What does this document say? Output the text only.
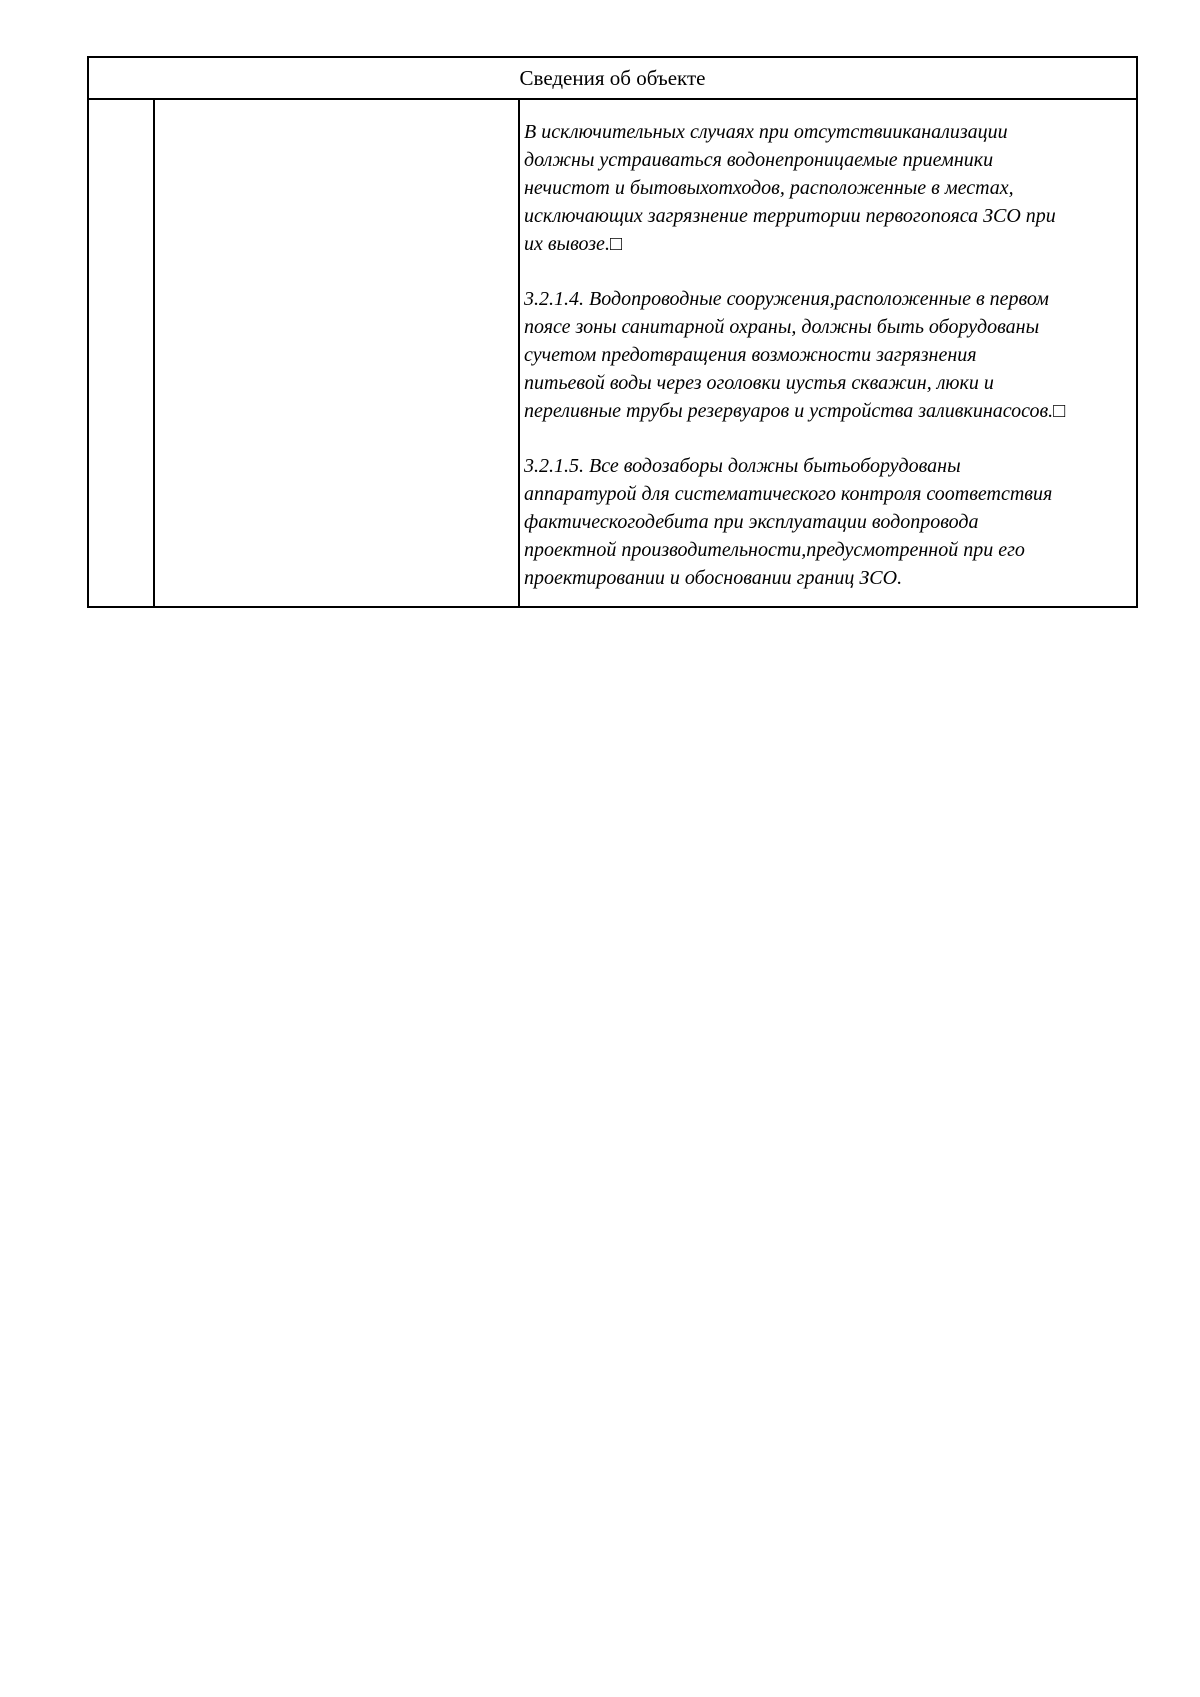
Сведения об объекте

В исключительных случаях при отсутствииканализации
должны устраиваться водонепроницаемые приемники
нечистот и бытовыхотходов, расположенные в местах,
исключающих загрязнение территории первогопояса ЗСО при
их вывозе.□

3.2.1.4. Водопроводные сооружения,расположенные в первом
поясе зоны санитарной охраны, должны быть оборудованы
сучетом предотвращения возможности загрязнения
питьевой воды через оголовки иустья скважин, люки и
переливные трубы резервуаров и устройства заливкинасосов.□

3.2.1.5. Все водозаборы должны бытьоборудованы
аппаратурой для систематического контроля соответствия
фактическогодебита при эксплуатации водопровода
проектной производительности,предусмотренной при его
проектировании и обосновании границ ЗСО.
